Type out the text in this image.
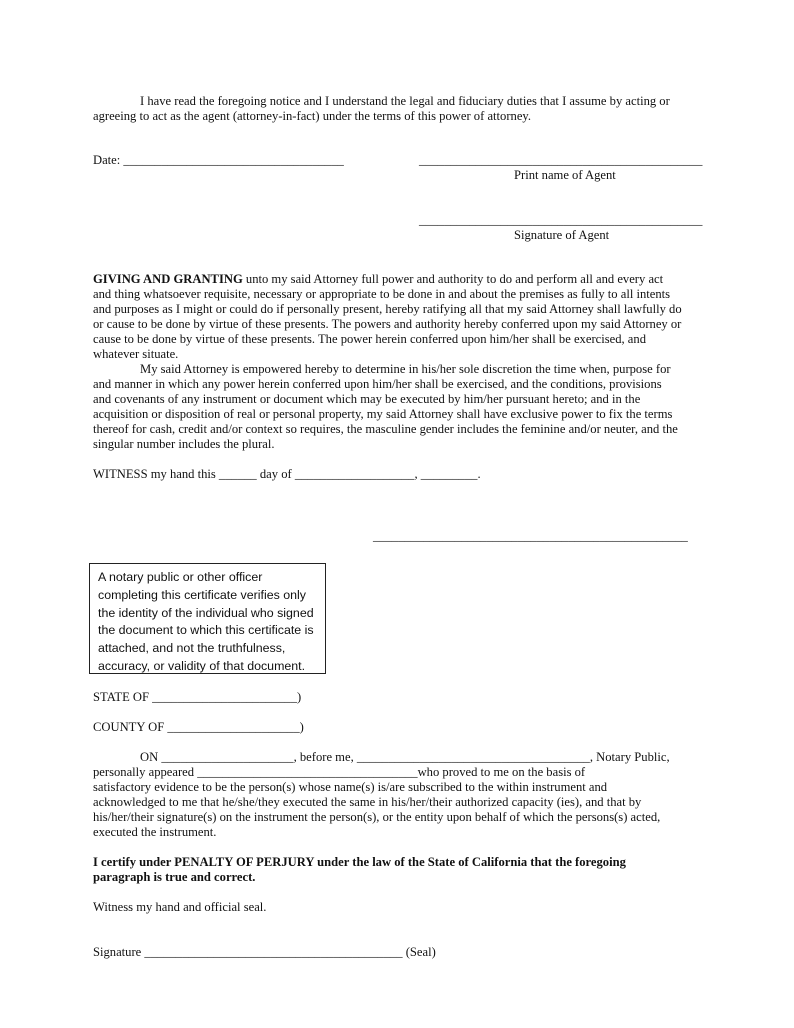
I have read the foregoing notice and I understand the legal and fiduciary duties that I assume by acting or
agreeing to act as the agent (attorney-in-fact) under the terms of this power of attorney.
Date: ___________________________________	_____________________________________________
Print name of Agent
_____________________________________________
Signature of Agent
GIVING AND GRANTING unto my said Attorney full power and authority to do and perform all and every act
and thing whatsoever requisite, necessary or appropriate to be done in and about the premises as fully to all intents
and purposes as I might or could do if personally present, hereby ratifying all that my said Attorney shall lawfully do
or cause to be done by virtue of these presents. The powers and authority hereby conferred upon my said Attorney or
cause to be done by virtue of these presents. The power herein conferred upon him/her shall be exercised, and
whatever situate.
My said Attorney is empowered hereby to determine in his/her sole discretion the time when, purpose for
and manner in which any power herein conferred upon him/her shall be exercised, and the conditions, provisions
and covenants of any instrument or document which may be executed by him/her pursuant hereto; and in the
acquisition or disposition of real or personal property, my said Attorney shall have exclusive power to fix the terms
thereof for cash, credit and/or context so requires, the masculine gender includes the feminine and/or neuter, and the
singular number includes the plural.
WITNESS my hand this ______ day of ___________________, _________.
__________________________________________________
A notary public or other officer
completing this certificate verifies only
the identity of the individual who signed
the document to which this certificate is
attached, and not the truthfulness,
accuracy, or validity of that document.
STATE OF _______________________)
COUNTY OF _____________________)
ON _____________________, before me, _____________________________________, Notary Public,
personally appeared ___________________________________who proved to me on the basis of
satisfactory evidence to be the person(s) whose name(s) is/are subscribed to the within instrument and
acknowledged to me that he/she/they executed the same in his/her/their authorized capacity (ies), and that by
his/her/their signature(s) on the instrument the person(s), or the entity upon behalf of which the persons(s) acted,
executed the instrument.
I certify under PENALTY OF PERJURY under the law of the State of California that the foregoing
paragraph is true and correct.
Witness my hand and official seal.
Signature _________________________________________ (Seal)
